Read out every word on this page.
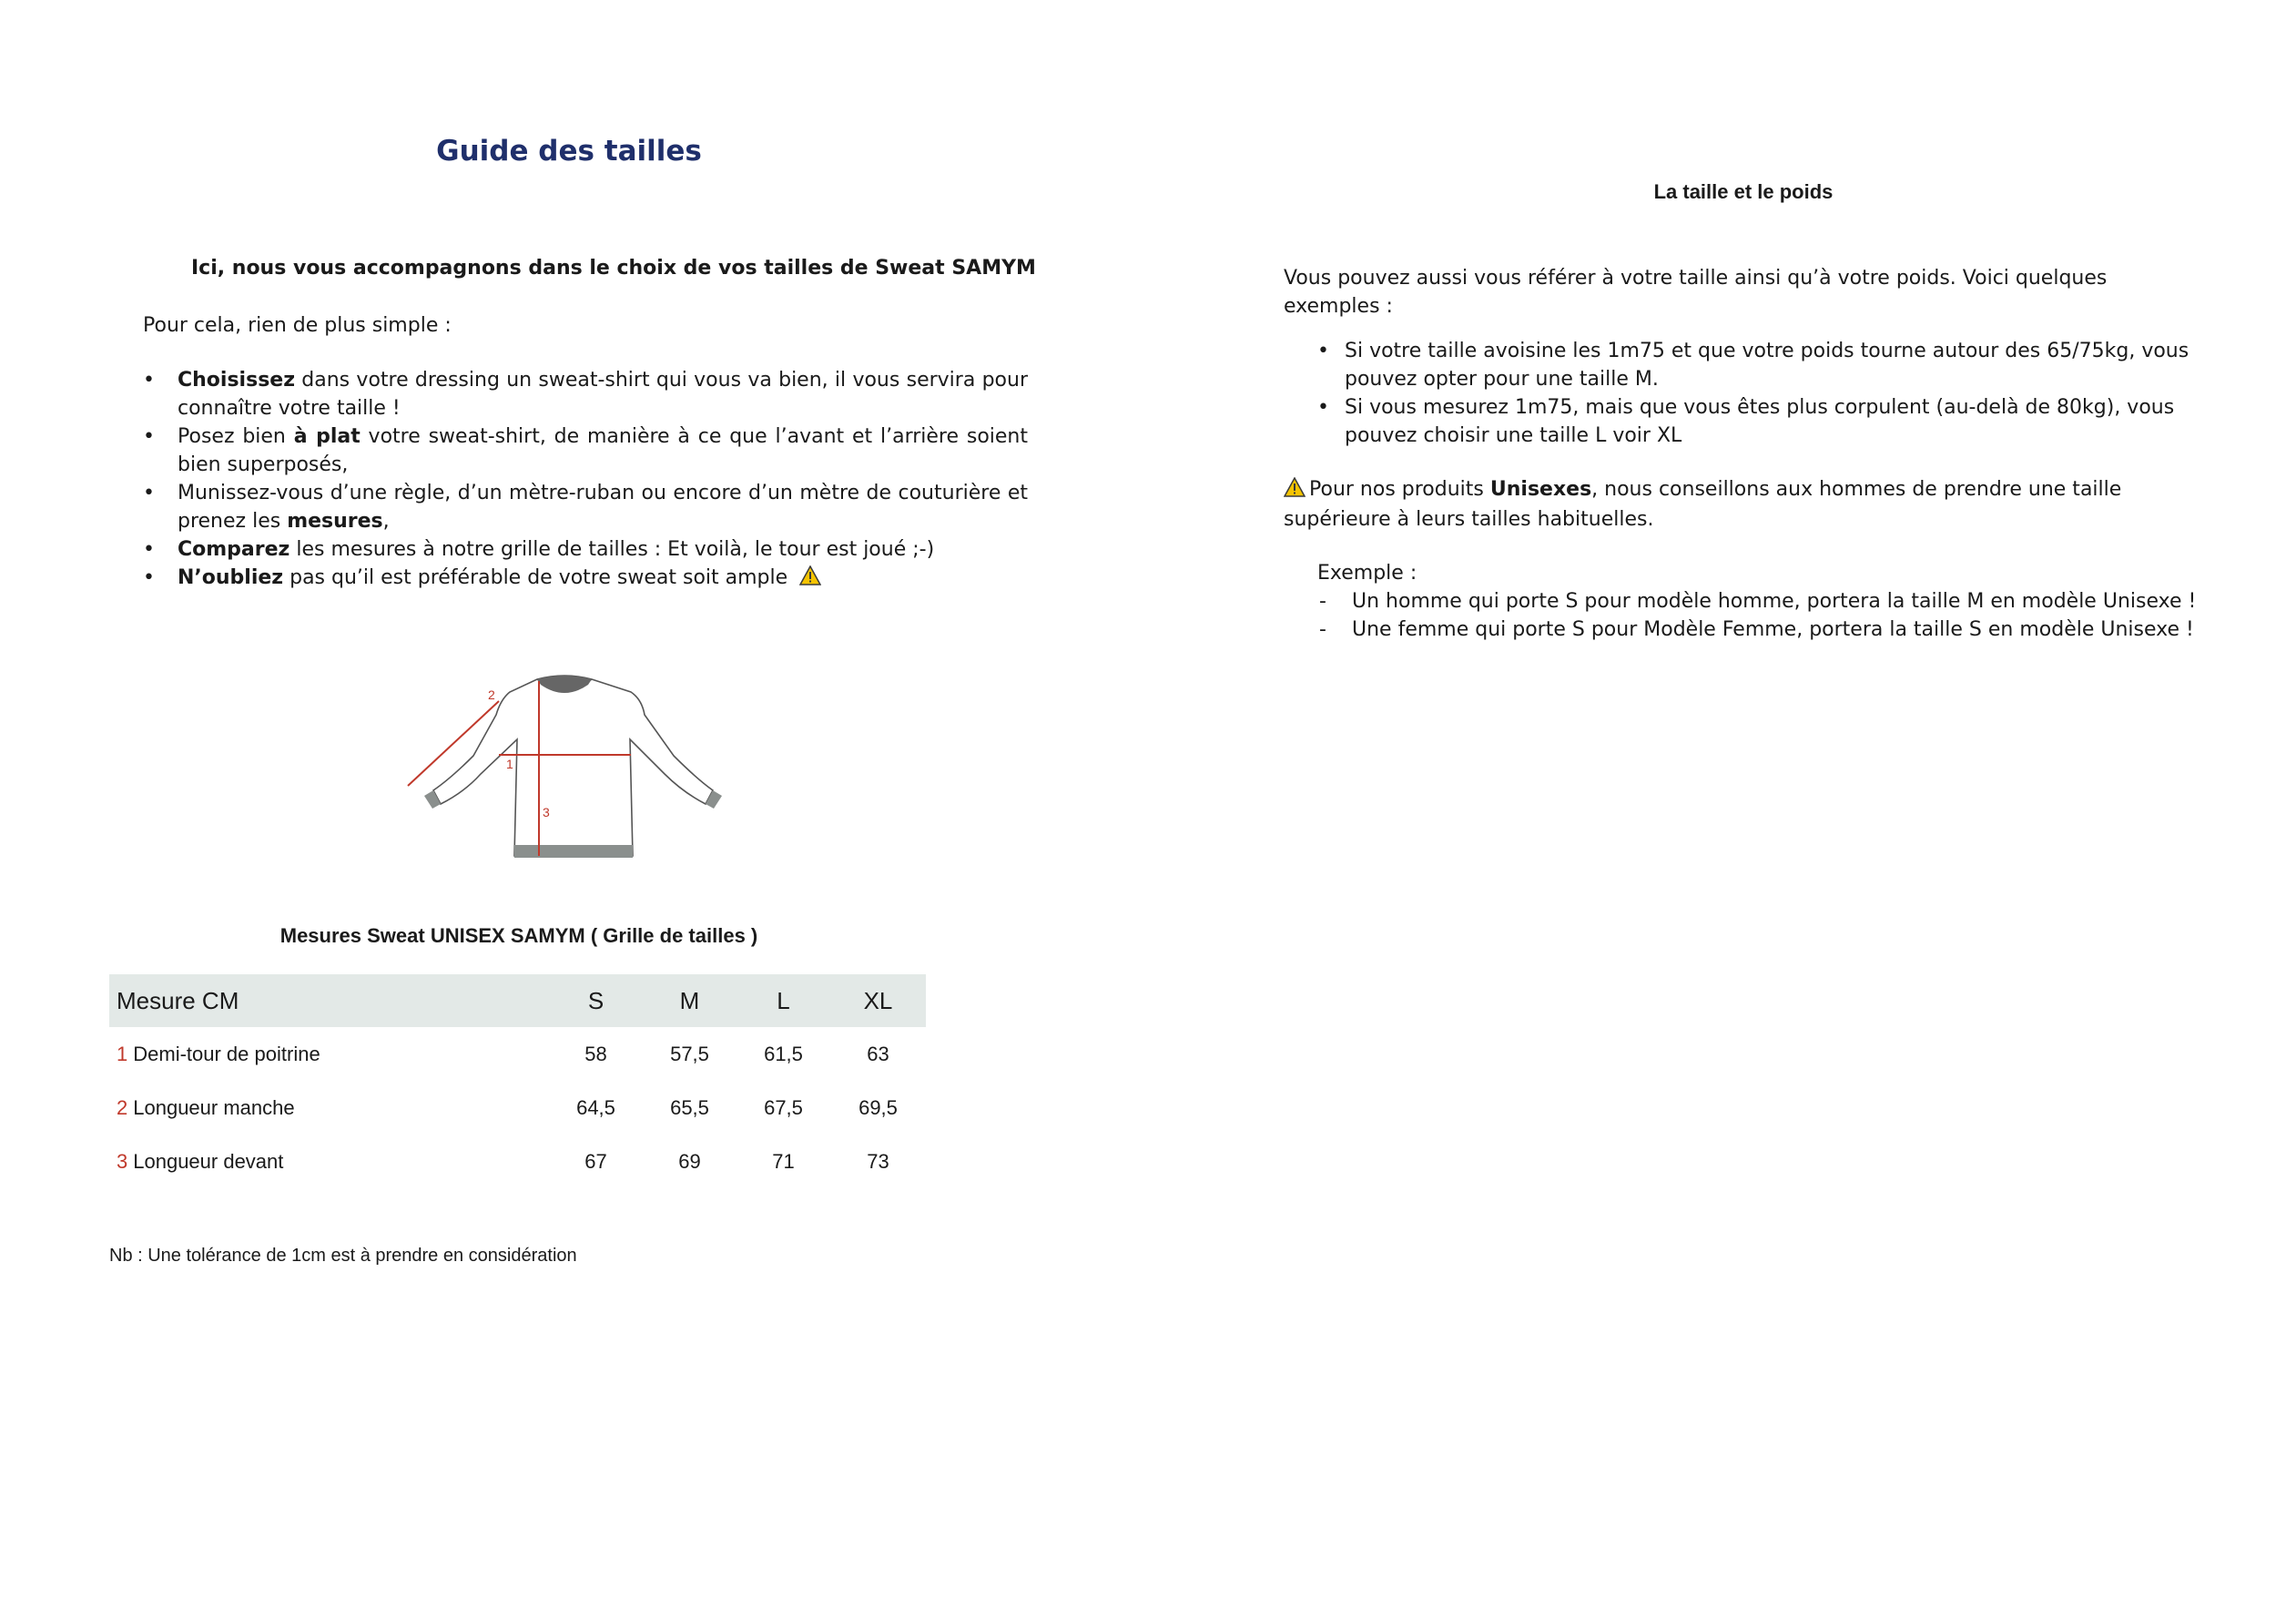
Guide des tailles
Ici, nous vous accompagnons dans le choix de vos tailles de Sweat SAMYM
Pour cela, rien de plus simple :
• Choisissez dans votre dressing un sweat-shirt qui vous va bien, il vous servira pour connaître votre taille !
• Posez bien à plat votre sweat-shirt, de manière à ce que l’avant et l’arrière soient bien superposés,
• Munissez-vous d’une règle, d’un mètre-ruban ou encore d’un mètre de couturière et prenez les mesures,
• Comparez les mesures à notre grille de tailles : Et voilà, le tour est joué ;-)
• N’oubliez pas qu’il est préférable de votre sweat soit ample
2
1
3
Mesures Sweat UNISEX SAMYM ( Grille de tailles )
Mesure CM	S	M	L	XL
1 Demi-tour de poitrine	58	57,5	61,5	63
2 Longueur manche	64,5	65,5	67,5	69,5
3 Longueur devant	67	69	71	73
Nb : Une tolérance de 1cm est à prendre en considération
La taille et le poids
Vous pouvez aussi vous référer à votre taille ainsi qu’à votre poids. Voici quelques exemples :
• Si votre taille avoisine les 1m75 et que votre poids tourne autour des 65/75kg, vous pouvez opter pour une taille M.
• Si vous mesurez 1m75, mais que vous êtes plus corpulent (au-delà de 80kg), vous pouvez choisir une taille L voir XL
Pour nos produits Unisexes, nous conseillons aux hommes de prendre une taille supérieure à leurs tailles habituelles.
Exemple :
- Un homme qui porte S pour modèle homme, portera la taille M en modèle Unisexe !
- Une femme qui porte S pour Modèle Femme, portera la taille S en modèle Unisexe !
